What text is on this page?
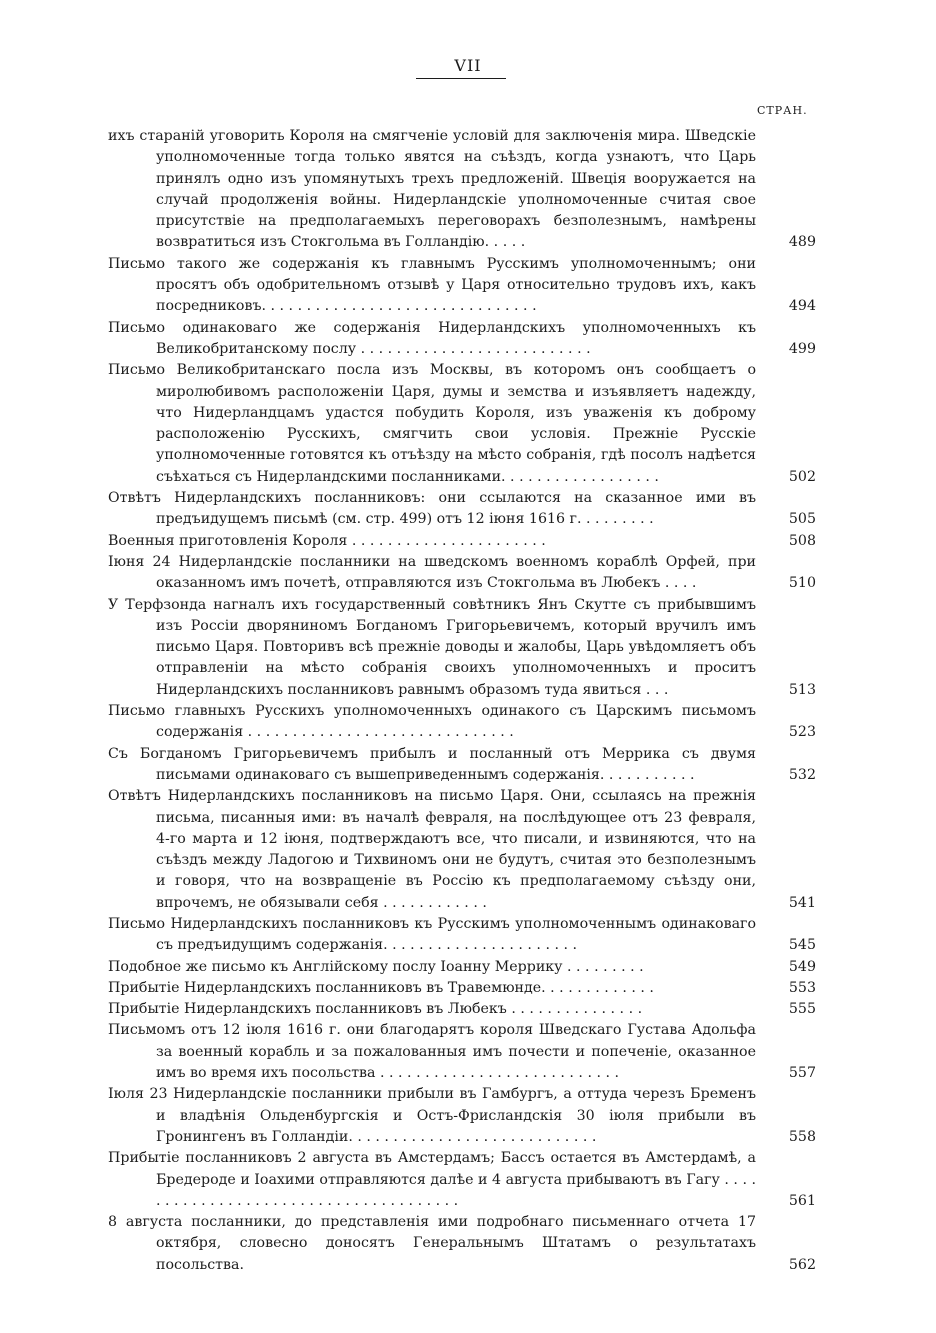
VII
СТРАН.
ихъ стараній уговорить Короля на смягченіе условій для заключенія мира. Шведскіе уполномоченные тогда только явятся на съѣздъ, когда узнаютъ, что Царь принялъ одно изъ упомянутыхъ трехъ предложеній. Швеція вооружается на случай продолженія войны. Нидерландскіе уполномоченные считая свое присутствіе на предполагаемыхъ переговорахъ безполезнымъ, намѣрены возвратиться изъ Стокгольма въ Голландію. . . . .	489
Письмо такого же содержанія къ главнымъ Русскимъ уполномоченнымъ; они просятъ объ одобрительномъ отзывѣ у Царя относительно трудовъ ихъ, какъ посредниковъ. . . . . . . . . . . . . . . . . . . . . . . . . . . . . . .	494
Письмо одинаковаго же содержанія Нидерландскихъ уполномоченныхъ къ Великобританскому послу . . . . . . . . . . . . . . . . . . . . . . . . . .	499
Письмо Великобританскаго посла изъ Москвы, въ которомъ онъ сообщаетъ о миролюбивомъ расположеніи Царя, думы и земства и изъявляетъ надежду, что Нидерландцамъ удастся побудить Короля, изъ уваженія къ доброму расположенію Русскихъ, смягчить свои условія. Прежніе Русскіе уполномоченные готовятся къ отъѣзду на мѣсто собранія, гдѣ посолъ надѣется съѣхаться съ Нидерландскими посланниками. . . . . . . . . . . . . . . . . .	502
Отвѣтъ Нидерландскихъ посланниковъ: они ссылаются на сказанное ими въ предъидущемъ письмѣ (см. стр. 499) отъ 12 іюня 1616 г. . . . . . . . .	505
Военныя приготовленія Короля . . . . . . . . . . . . . . . . . . . . . .	508
Іюня 24 Нидерландскіе посланники на шведскомъ военномъ кораблѣ Орфей, при оказанномъ имъ почетѣ, отправляются изъ Стокгольма въ Любекъ . . . .	510
У Терфзонда нагналъ ихъ государственный совѣтникъ Янъ Скутте съ прибывшимъ изъ Россіи дворяниномъ Богданомъ Григорьевичемъ, который вручилъ имъ письмо Царя. Повторивъ всѣ прежніе доводы и жалобы, Царь увѣдомляетъ объ отправленіи на мѣсто собранія своихъ уполномоченныхъ и проситъ Нидерландскихъ посланниковъ равнымъ образомъ туда явиться . . .	513
Письмо главныхъ Русскихъ уполномоченныхъ одинакого съ Царскимъ письмомъ содержанія . . . . . . . . . . . . . . . . . . . . . . . . . . . . . .	523
Съ Богданомъ Григорьевичемъ прибылъ и посланный отъ Меррика съ двумя письмами одинаковаго съ вышеприведеннымъ содержанія. . . . . . . . . . .	532
Отвѣтъ Нидерландскихъ посланниковъ на письмо Царя. Они, ссылаясь на прежнія письма, писанныя ими: въ началѣ февраля, на послѣдующее отъ 23 февраля, 4-го марта и 12 іюня, подтверждаютъ все, что писали, и извиняются, что на съѣздъ между Ладогою и Тихвиномъ они не будутъ, считая это безполезнымъ и говоря, что на возвращеніе въ Россію къ предполагаемому съѣзду они, впрочемъ, не обязывали себя . . . . . . . . . . . .	541
Письмо Нидерландскихъ посланниковъ къ Русскимъ уполномоченнымъ одинаковаго съ предъидущимъ содержанія. . . . . . . . . . . . . . . . . . . . . .	545
Подобное же письмо къ Англійскому послу Іоанну Меррику . . . . . . . . .	549
Прибытіе Нидерландскихъ посланниковъ въ Травемюнде. . . . . . . . . . . . .	553
Прибытіе Нидерландскихъ посланниковъ въ Любекъ . . . . . . . . . . . . . . .	555
Письмомъ отъ 12 іюля 1616 г. они благодарятъ короля Шведскаго Густава Адольфа за военный корабль и за пожалованныя имъ почести и попеченіе, оказанное имъ во время ихъ посольства . . . . . . . . . . . . . . . . . . . . . . . . . . .	557
Іюля 23 Нидерландскіе посланники прибыли въ Гамбургъ, а оттуда черезъ Бременъ и владѣнія Ольденбургскія и Остъ-Фрисландскія 30 іюля прибыли въ Гронингенъ въ Голландіи. . . . . . . . . . . . . . . . . . . . . . . . . . . .	558
Прибытіе посланниковъ 2 августа въ Амстердамъ; Бассъ остается въ Амстердамѣ, а Бредероде и Іоахими отправляются далѣе и 4 августа прибываютъ въ Гагу . . . . . . . . . . . . . . . . . . . . . . . . . . . . . . . . . . . . . .	561
8 августа посланники, до представленія ими подробнаго письменнаго отчета 17 октября, словесно доносятъ Генеральнымъ Штатамъ о результатахъ посольства.	562
